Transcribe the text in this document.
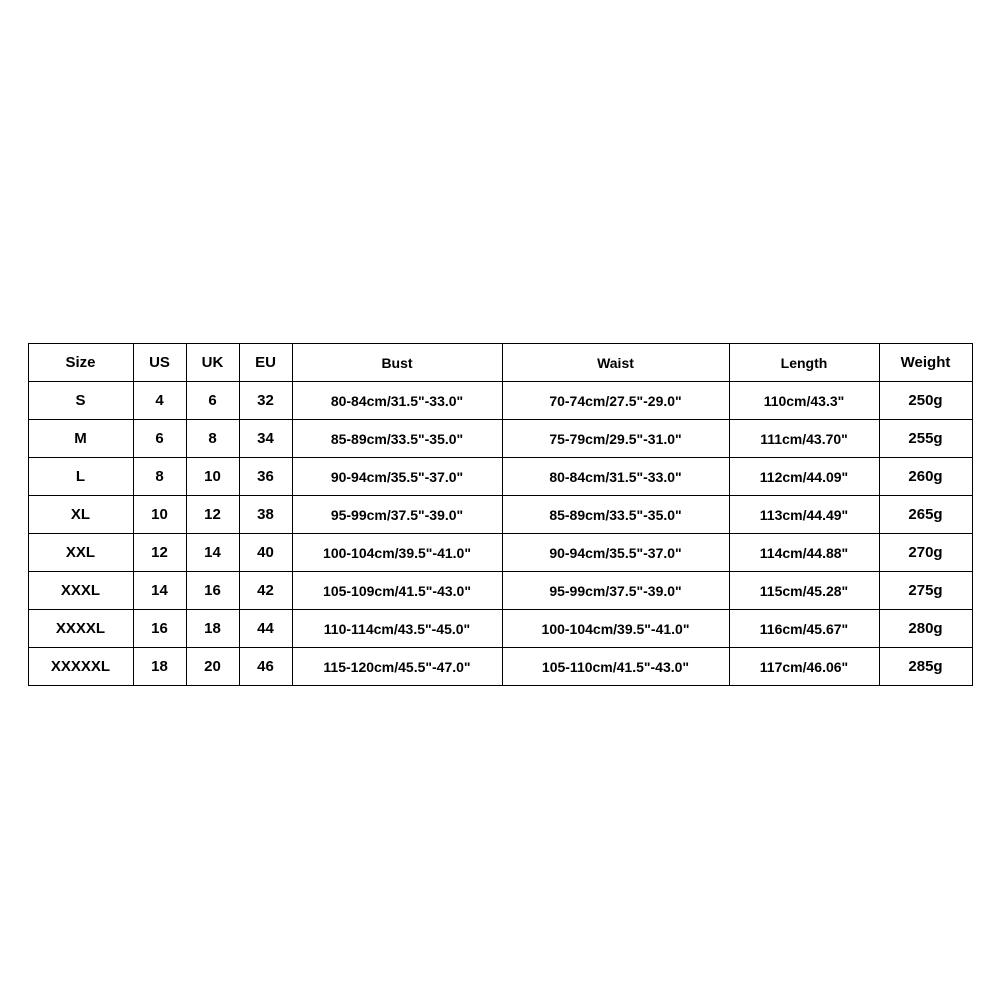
Size	US	UK	EU	Bust	Waist	Length	Weight
S	4	6	32	80-84cm/31.5"-33.0"	70-74cm/27.5"-29.0"	110cm/43.3"	250g
M	6	8	34	85-89cm/33.5"-35.0"	75-79cm/29.5"-31.0"	111cm/43.70"	255g
L	8	10	36	90-94cm/35.5"-37.0"	80-84cm/31.5"-33.0"	112cm/44.09"	260g
XL	10	12	38	95-99cm/37.5"-39.0"	85-89cm/33.5"-35.0"	113cm/44.49"	265g
XXL	12	14	40	100-104cm/39.5"-41.0"	90-94cm/35.5"-37.0"	114cm/44.88"	270g
XXXL	14	16	42	105-109cm/41.5"-43.0"	95-99cm/37.5"-39.0"	115cm/45.28"	275g
XXXXL	16	18	44	110-114cm/43.5"-45.0"	100-104cm/39.5"-41.0"	116cm/45.67"	280g
XXXXXL	18	20	46	115-120cm/45.5"-47.0"	105-110cm/41.5"-43.0"	117cm/46.06"	285g
